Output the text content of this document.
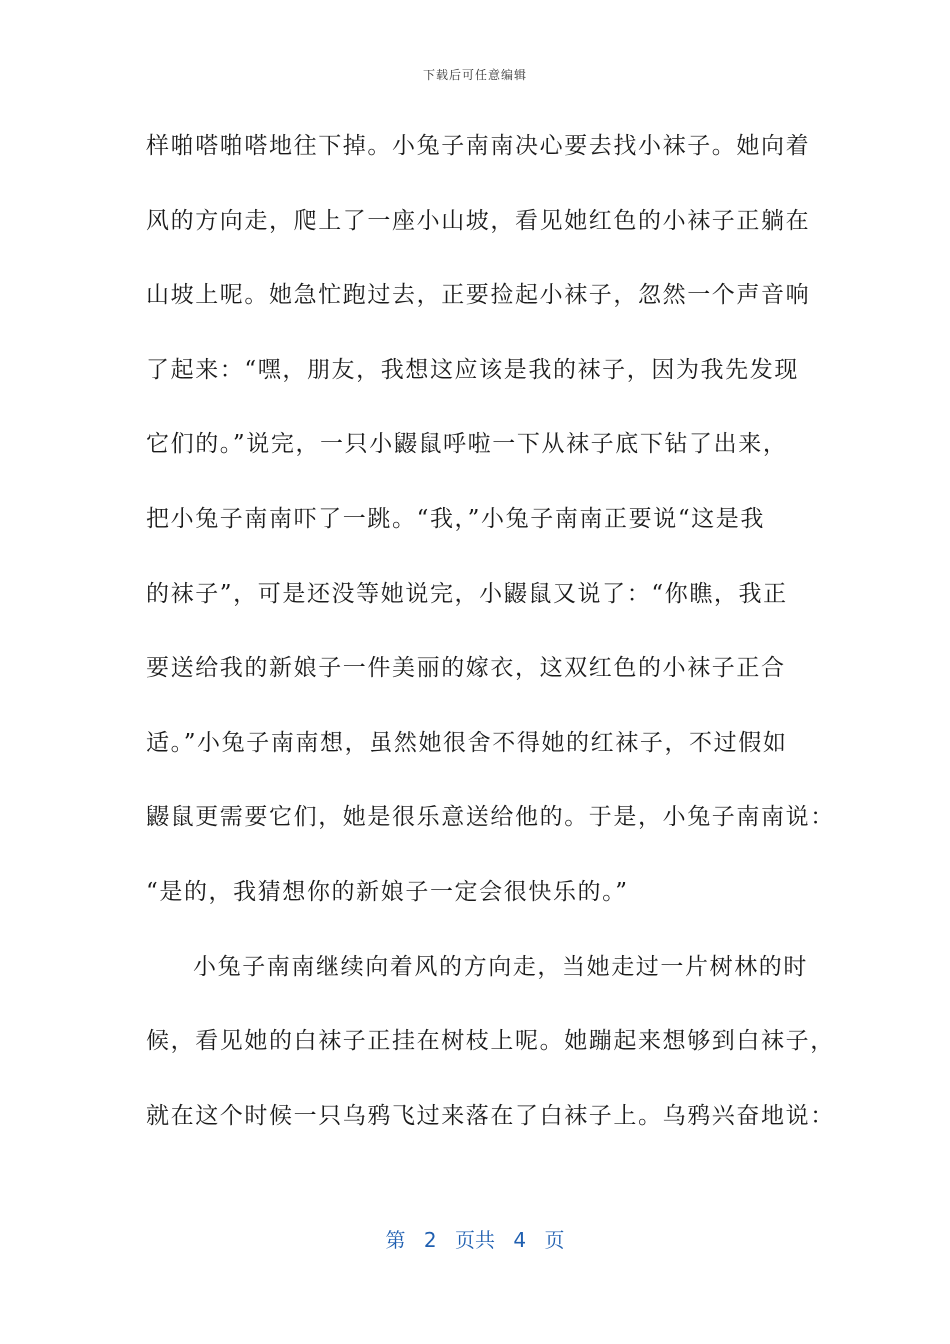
下载后可任意编辑
样啪嗒啪嗒地往下掉。小兔子南南决心要去找小袜子。她向着
风的方向走，爬上了一座小山坡，看见她红色的小袜子正躺在
山坡上呢。她急忙跑过去，正要捡起小袜子，忽然一个声音响
了起来：“嘿，朋友，我想这应该是我的袜子，因为我先发现
它们的。”说完，一只小鼹鼠呼啦一下从袜子底下钻了出来，
把小兔子南南吓了一跳。“我，”小兔子南南正要说“这是我
的袜子”，可是还没等她说完，小鼹鼠又说了：“你瞧，我正
要送给我的新娘子一件美丽的嫁衣，这双红色的小袜子正合
适。”小兔子南南想，虽然她很舍不得她的红袜子，不过假如
鼹鼠更需要它们，她是很乐意送给他的。于是，小兔子南南说：
“是的，我猜想你的新娘子一定会很快乐的。”
小兔子南南继续向着风的方向走，当她走过一片树林的时
候，看见她的白袜子正挂在树枝上呢。她蹦起来想够到白袜子，
就在这个时候一只乌鸦飞过来落在了白袜子上。乌鸦兴奋地说：
第 2 页共 4 页
